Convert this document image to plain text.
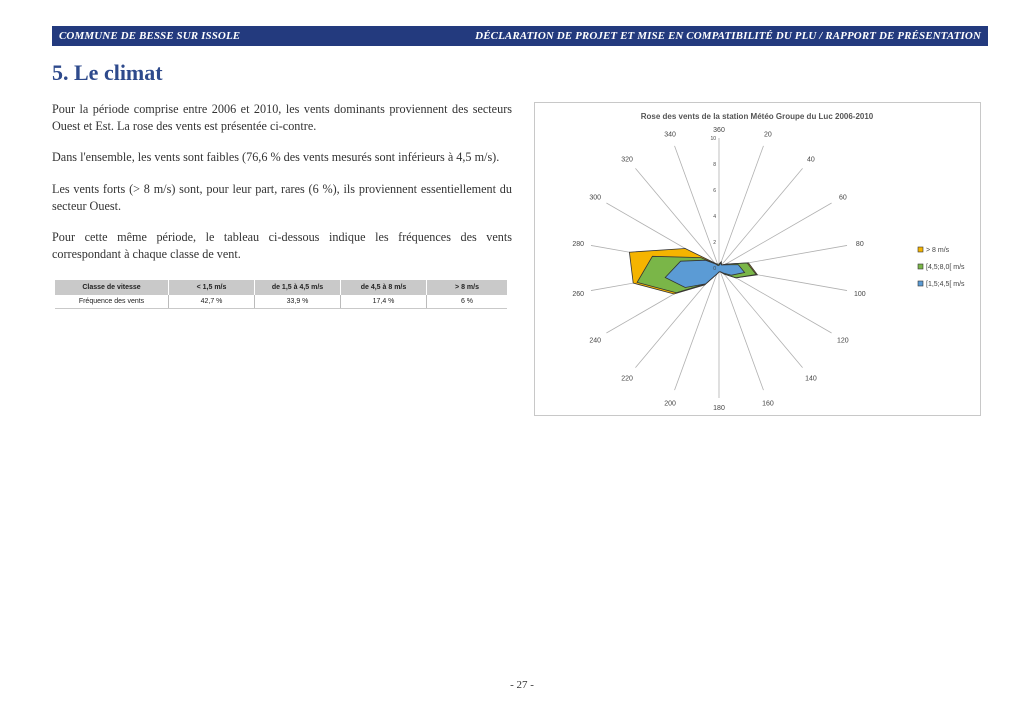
COMMUNE DE BESSE SUR ISSOLE	DÉCLARATION DE PROJET ET MISE EN COMPATIBILITÉ DU PLU / RAPPORT DE PRÉSENTATION
5. Le climat

Pour la période comprise entre 2006 et 2010, les vents dominants proviennent des secteurs Ouest et Est. La rose des vents est présentée ci-contre.

Dans l'ensemble, les vents sont faibles (76,6 % des vents mesurés sont inférieurs à 4,5 m/s).

Les vents forts (> 8 m/s) sont, pour leur part, rares (6 %), ils proviennent essentiellement du secteur Ouest.

Pour cette même période, le tableau ci-dessous indique les fréquences des vents correspondant à chaque classe de vent.

Classe de vitesse	< 1,5 m/s	de 1,5 à 4,5 m/s	de 4,5 à 8 m/s	> 8 m/s
Fréquence des vents	42,7 %	33,9 %	17,4 %	6 %
Rose des vents de la station Météo Groupe du Luc 2006-2010
0
2
4
6
8
10
360
20
40
60
80
100
120
140
160
180
200
220
240
260
280
300
320
340
> 8 m/s
[4,5;8,0[ m/s
[1,5;4,5[ m/s
- 27 -
